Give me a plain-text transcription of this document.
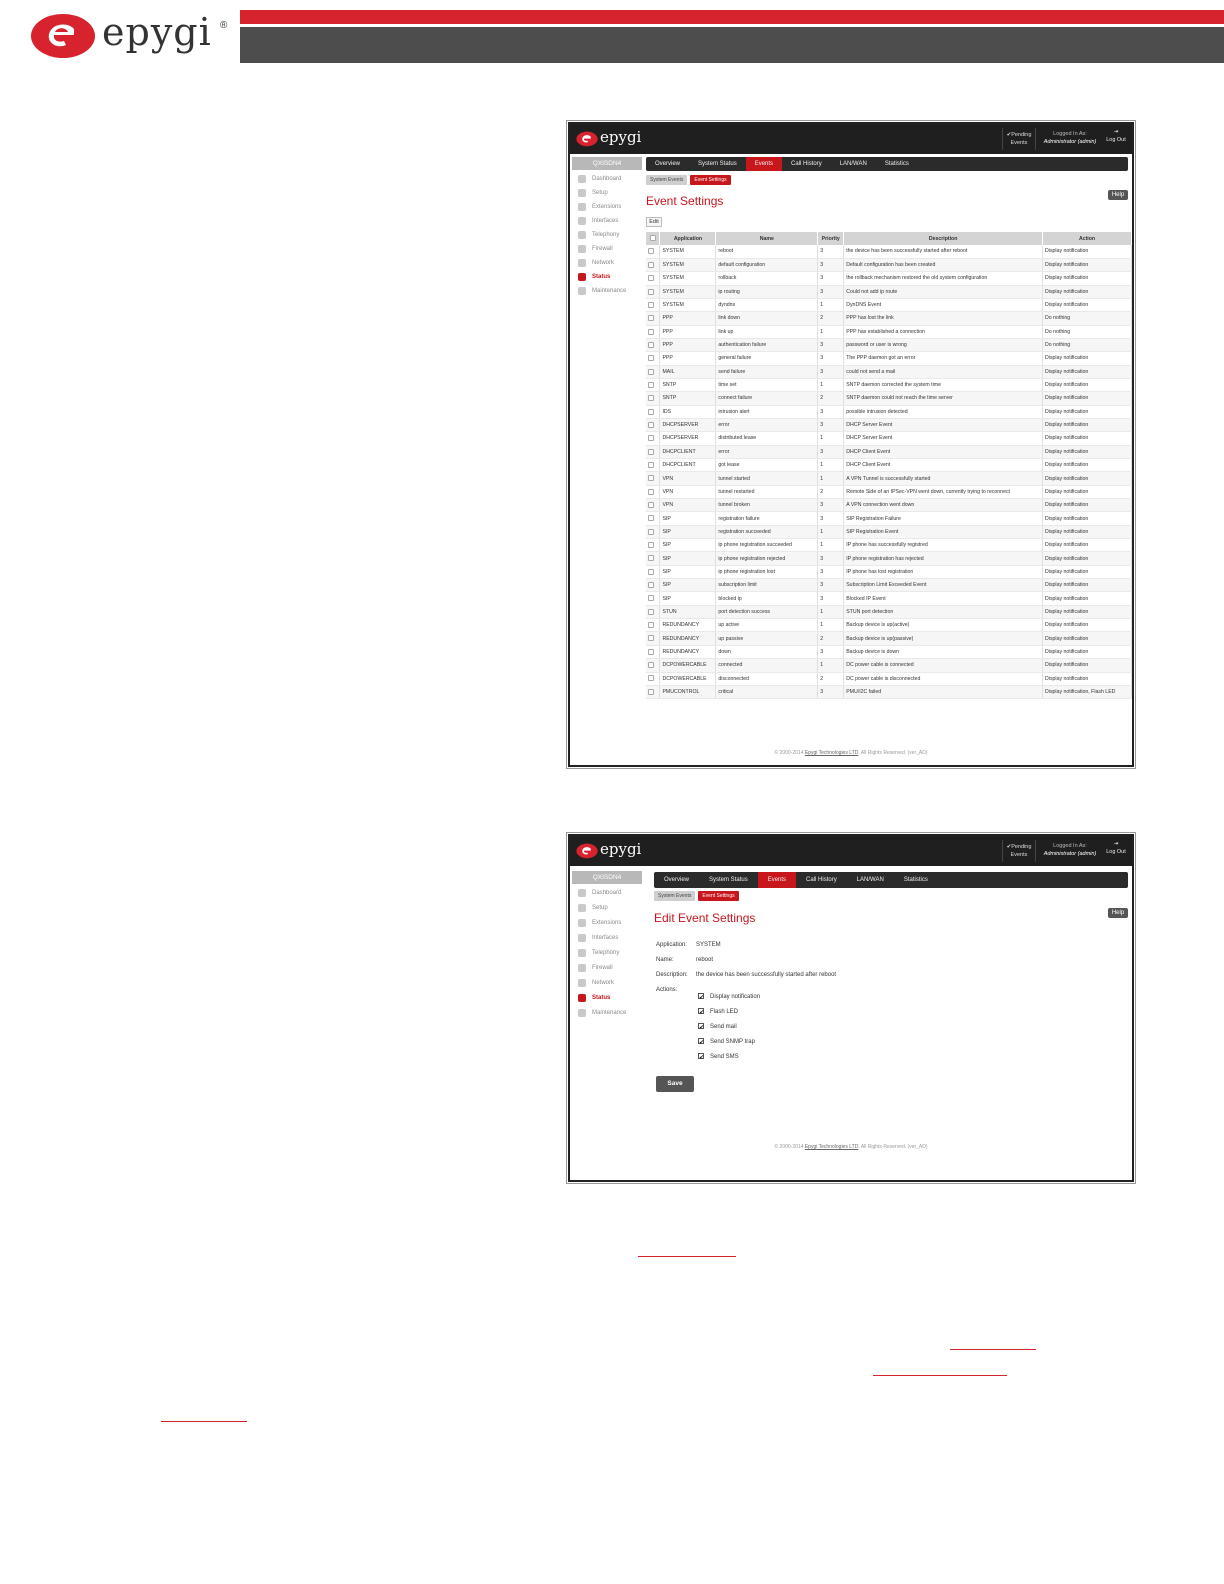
epygi ®
epygi	✔Pending
Events
Logged In As:
Administrator (admin)
⇥
Log Out
QXISDN4
Dashboard
Setup
Extensions
Interfaces
Telephony
Firewall
Network
Status
Maintenance
Overview	System Status	Events	Call History	LAN/WAN	Statistics
System Events	Event Settings
Help
Event Settings
Edit
	Application	Name	Priority	Description	Action
	SYSTEM	reboot	3	the device has been successfully started after reboot	Display notification
	SYSTEM	default configuration	3	Default configuration has been created	Display notification
	SYSTEM	rollback	3	the rollback mechanism restored the old system configuration	Display notification
	SYSTEM	ip routing	3	Could not add ip route	Display notification
	SYSTEM	dyndns	1	DynDNS Event	Display notification
	PPP	link down	2	PPP has lost the link	Do nothing
	PPP	link up	1	PPP has established a connection	Do nothing
	PPP	authentication failure	3	password or user is wrong	Do nothing
	PPP	general failure	3	The PPP daemon got an error	Display notification
	MAIL	send failure	3	could not send a mail	Display notification
	SNTP	time set	1	SNTP daemon corrected the system time	Display notification
	SNTP	connect failure	2	SNTP daemon could not reach the time server	Display notification
	IDS	intrusion alert	3	possible intrusion detected	Display notification
	DHCPSERVER	error	3	DHCP Server Event	Display notification
	DHCPSERVER	distributed lease	1	DHCP Server Event	Display notification
	DHCPCLIENT	error	3	DHCP Client Event	Display notification
	DHCPCLIENT	got lease	1	DHCP Client Event	Display notification
	VPN	tunnel started	1	A VPN Tunnel is successfully started	Display notification
	VPN	tunnel restarted	2	Remote Side of an IPSec-VPN went down, currently trying to reconnect	Display notification
	VPN	tunnel broken	3	A VPN connection went down	Display notification
	SIP	registration failure	3	SIP Registration Failure	Display notification
	SIP	registration succeeded	1	SIP Registration Event	Display notification
	SIP	ip phone registration succeeded	1	IP phone has successfully registred	Display notification
	SIP	ip phone registration rejected	3	IP phone registration has rejected	Display notification
	SIP	ip phone registration lost	3	IP phone has lost registration	Display notification
	SIP	subscription limit	3	Subscription Limit Exceeded Event	Display notification
	SIP	blocked ip	3	Blocked IP Event	Display notification
	STUN	port detection success	1	STUN port detection	Display notification
	REDUNDANCY	up active	1	Backup device is up(active)	Display notification
	REDUNDANCY	up passive	2	Backup device is up(passive)	Display notification
	REDUNDANCY	down	3	Backup device is down	Display notification
	DCPOWERCABLE	connected	1	DC power cable is connected	Display notification
	DCPOWERCABLE	disconnected	2	DC power cable is disconnected	Display notification
	PMUCONTROL	critical	3	PMU/I2C failed	Display notification, Flash LED
© 2000-2014 Epygi Technologies LTD. All Rights Reserved. (ver_AD)
epygi	✔Pending
Events
Logged In As:
Administrator (admin)
⇥
Log Out
QXISDN4
Dashboard
Setup
Extensions
Interfaces
Telephony
Firewall
Network
Status
Maintenance
Overview	System Status	Events	Call History	LAN/WAN	Statistics
System Events	Event Settings
Help
Edit Event Settings
Application: SYSTEM
Name:	reboot
Description: the device has been successfully started after reboot
Actions:
✔Display notification
✔Flash LED
✔Send mail
✔Send SNMP trap
✔Send SMS
Save
© 2000-2014 Epygi Technologies LTD. All Rights Reserved. (ver_AD)
